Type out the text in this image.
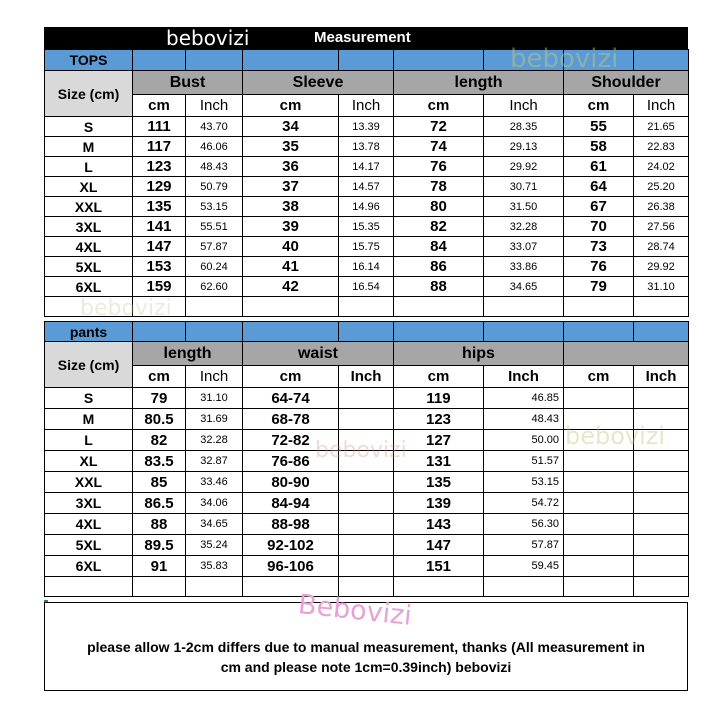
bebovizi	Measurement
TOPS								
Size (cm)	Bust		Sleeve		length		Shoulder	
	cm	Inch	cm	Inch	cm	Inch	cm	Inch
S	111	43.70	34	13.39	72	28.35	55	21.65
M	117	46.06	35	13.78	74	29.13	58	22.83
L	123	48.43	36	14.17	76	29.92	61	24.02
XL	129	50.79	37	14.57	78	30.71	64	25.20
XXL	135	53.15	38	14.96	80	31.50	67	26.38
3XL	141	55.51	39	15.35	82	32.28	70	27.56
4XL	147	57.87	40	15.75	84	33.07	73	28.74
5XL	153	60.24	41	16.14	86	33.86	76	29.92
6XL	159	62.60	42	16.54	88	34.65	79	31.10

pants								
Size (cm)	length		waist		hips			
	cm	Inch	cm	Inch	cm	Inch	cm	Inch
S	79	31.10	64-74		119	46.85		
M	80.5	31.69	68-78		123	48.43		
L	82	32.28	72-82		127	50.00		
XL	83.5	32.87	76-86		131	51.57		
XXL	85	33.46	80-90		135	53.15		
3XL	86.5	34.06	84-94		139	54.72		
4XL	88	34.65	88-98		143	56.30		
5XL	89.5	35.24	92-102		147	57.87		
6XL	91	35.83	96-106		151	59.45		

Bebovizi
please allow 1-2cm differs due to manual measurement, thanks (All measurement in
cm and please note 1cm=0.39inch) bebovizi
bebovizi
bebovizi
bebovizi
bebovizi
